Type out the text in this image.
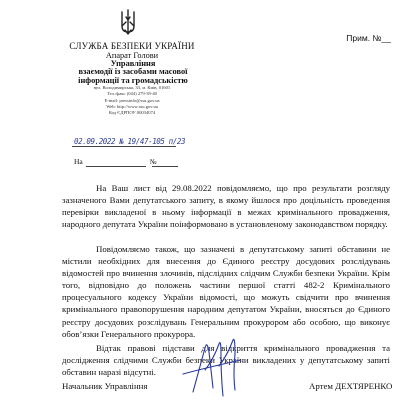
СЛУЖБА БЕЗПЕКИ УКРАЇНИ
Апарат Голови
Управління
взаємодії із засобами масової
інформації та громадськістю
вул. Володимирська, 33, м. Київ, 01601
Тел./факс (044) 279-39-40
E-mail: pressinfo@ssu.gov.ua
Web: http://www.ssu.gov.ua
Код ЄДРПОУ 00034074
Прим. №__
02.09.2022 № 19/47-105 п/23
На	№
На Ваш лист від 29.08.2022 повідомляємо, що про результати розгляду зазначеного Вами депутатського запиту, в якому йшлося про доцільність проведення перевірки викладеної в ньому інформації в межах кримінального провадження, народного депутата України поінформовано в установленому законодавством порядку.
Повідомляємо також, що зазначені в депутатському запиті обставини не містили необхідних для внесення до Єдиного реєстру досудових розслідувань відомостей про вчинення злочинів, підслідних слідчим Служби безпеки України. Крім того, відповідно до положень частини першої статті 482-2 Кримінального процесуального кодексу України відомості, що можуть свідчити про вчинення кримінального правопорушення народним депутатом України, вносяться до Єдиного реєстру досудових розслідувань Генеральним прокурором або особою, що виконує обов’язки Генерального прокурора.
Відтак правові підстави для відкриття кримінального провадження та дослідження слідчими Служби безпеки України викладених у депутатському запиті обставин наразі відсутні.
Начальник Управління	Артем ДЕХТЯРЕНКО
